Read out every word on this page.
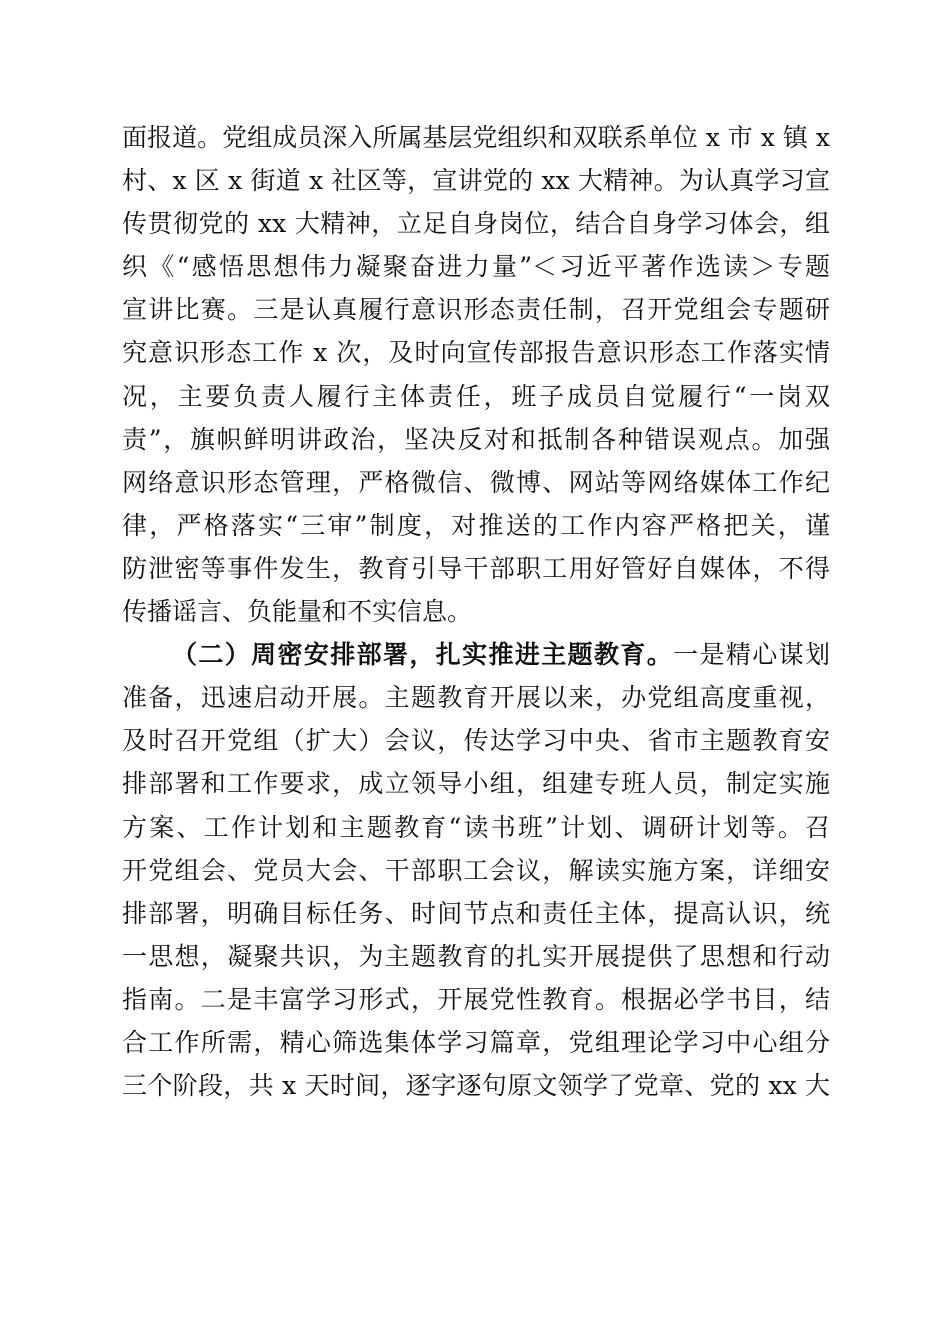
面报道。党组成员深入所属基层党组织和双联系单位 x 市 x 镇 x
村、x 区 x 街道 x 社区等，宣讲党的 xx 大精神。为认真学习宣
传贯彻党的 xx 大精神，立足自身岗位，结合自身学习体会，组
织《“感悟思想伟力凝聚奋进力量”＜习近平著作选读＞专题
宣讲比赛。三是认真履行意识形态责任制，召开党组会专题研
究意识形态工作 x 次，及时向宣传部报告意识形态工作落实情
况，主要负责人履行主体责任，班子成员自觉履行“一岗双
责”，旗帜鲜明讲政治，坚决反对和抵制各种错误观点。加强
网络意识形态管理，严格微信、微博、网站等网络媒体工作纪
律，严格落实“三审”制度，对推送的工作内容严格把关，谨
防泄密等事件发生，教育引导干部职工用好管好自媒体，不得
传播谣言、负能量和不实信息。
（二）周密安排部署，扎实推进主题教育。一是精心谋划
准备，迅速启动开展。主题教育开展以来，办党组高度重视，
及时召开党组（扩大）会议，传达学习中央、省市主题教育安
排部署和工作要求，成立领导小组，组建专班人员，制定实施
方案、工作计划和主题教育“读书班”计划、调研计划等。召
开党组会、党员大会、干部职工会议，解读实施方案，详细安
排部署，明确目标任务、时间节点和责任主体，提高认识，统
一思想，凝聚共识，为主题教育的扎实开展提供了思想和行动
指南。二是丰富学习形式，开展党性教育。根据必学书目，结
合工作所需，精心筛选集体学习篇章，党组理论学习中心组分
三个阶段，共 x 天时间，逐字逐句原文领学了党章、党的 xx 大
